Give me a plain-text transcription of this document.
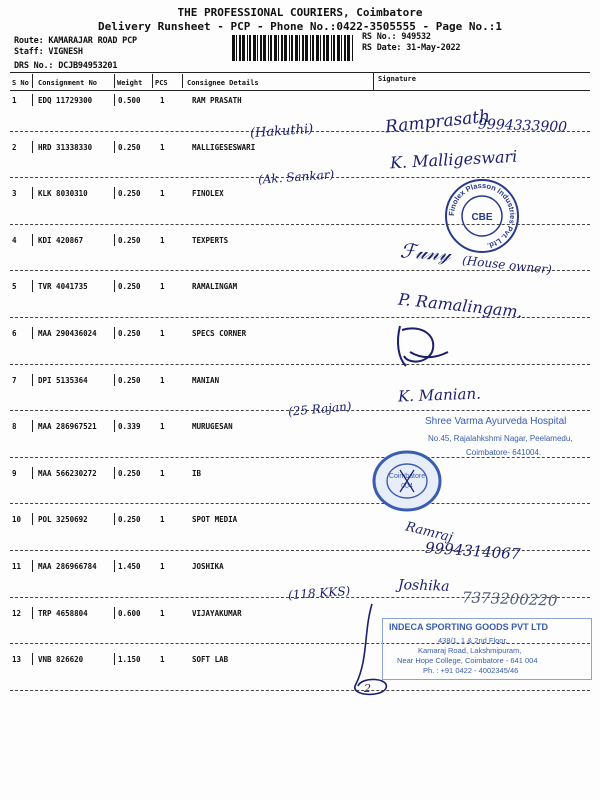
THE PROFESSIONAL COURIERS, Coimbatore
Delivery Runsheet - PCP - Phone No.:0422-3505555 - Page No.:1
Route: KAMARAJAR ROAD PCP
Staff: VIGNESH
DRS No.: DCJB94953201
RS No.: 949532
RS Date: 31-May-2022
S No Consignment No	Weight PCS	Consignee Details	Signature
1	EDQ 11729300	0.500	1	RAM PRASATH
2	HRD 31338330	0.250	1	MALLIGESESWARI
3	KLK 8030310	0.250	1	FINOLEX
4	KDI 420867	0.250	1	TEXPERTS
5	TVR 4041735	0.250	1	RAMALINGAM
6	MAA 290436024	0.250	1	SPECS CORNER
7	DPI 5135364	0.250	1	MANIAN
8	MAA 286967521	0.339	1	MURUGESAN
9	MAA 566230272	0.250	1	IB
10 POL 3250692	0.250	1	SPOT MEDIA
11 MAA 286966784	1.450	1	JOSHIKA
12 TRP 4658804	0.600	1	VIJAYAKUMAR
13 VNB 826620	1.150	1	SOFT LAB
(Hakuthi)	Ramprasath
9994333900
(Ak. Sankar)
K. Malligeswari
ℱ𝓊𝓃𝓎 (House owner)
P. Ramalingam.
K. Manian.
(25 Rajan)
Ramraj
9994314067
Joshika
7373200220
(118 KKS)
2
Finolex Plasson Industries Pvt. Ltd.
CBE
Shree Varma Ayurveda Hospital
No.45, Rajalahkshmi Nagar, Peelamedu,
Coimbatore- 641004.
Coimbatore
004
INDECA SPORTING GOODS PVT LTD
438/1, 1 & 2nd Floor,
Kamaraj Road, Lakshmipuram,
Near Hope College, Coimbatore - 641 004
Ph. : +91 0422 - 4002345/46
